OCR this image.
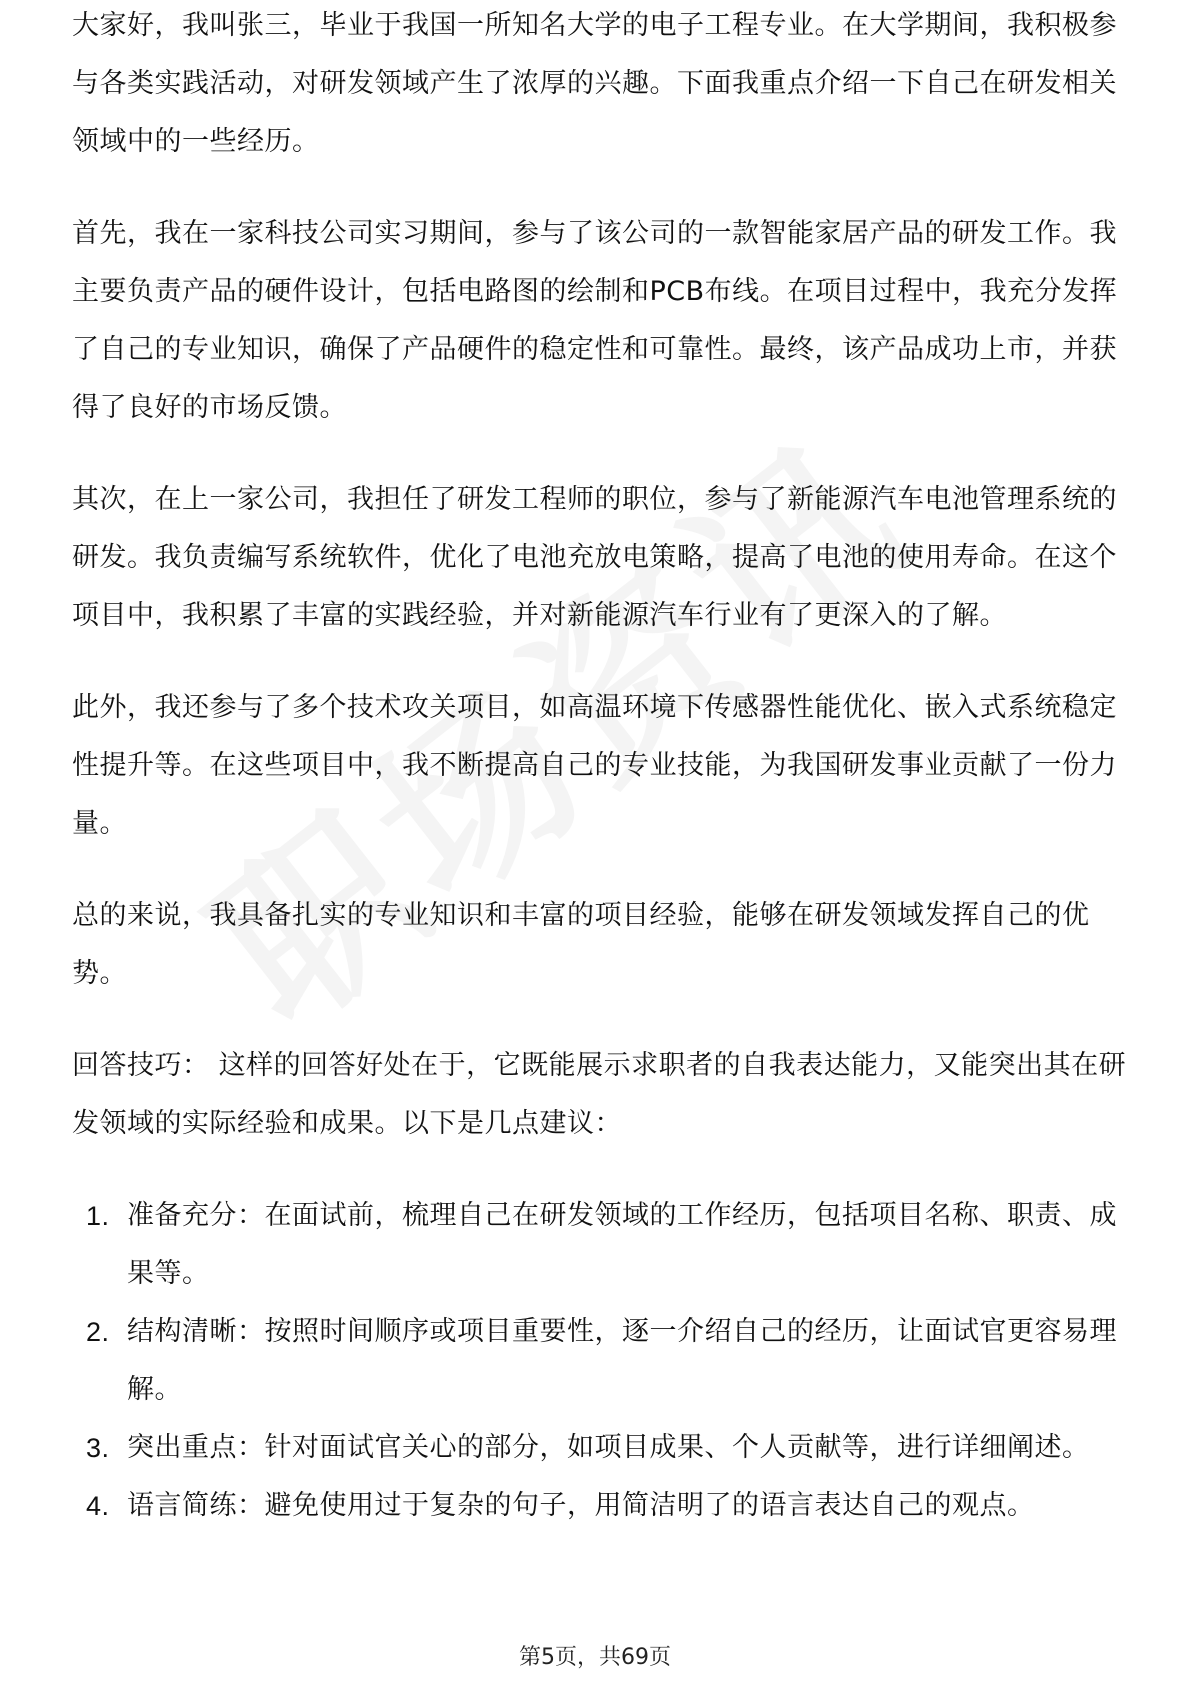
大家好，我叫张三，毕业于我国一所知名大学的电子工程专业。在大学期间，我积极参与各类实践活动，对研发领域产生了浓厚的兴趣。下面我重点介绍一下自己在研发相关领域中的一些经历。

首先，我在一家科技公司实习期间，参与了该公司的一款智能家居产品的研发工作。我主要负责产品的硬件设计，包括电路图的绘制和PCB布线。在项目过程中，我充分发挥了自己的专业知识，确保了产品硬件的稳定性和可靠性。最终，该产品成功上市，并获得了良好的市场反馈。

其次，在上一家公司，我担任了研发工程师的职位，参与了新能源汽车电池管理系统的研发。我负责编写系统软件，优化了电池充放电策略，提高了电池的使用寿命。在这个项目中，我积累了丰富的实践经验，并对新能源汽车行业有了更深入的了解。

此外，我还参与了多个技术攻关项目，如高温环境下传感器性能优化、嵌入式系统稳定性提升等。在这些项目中，我不断提高自己的专业技能，为我国研发事业贡献了一份力量。

总的来说，我具备扎实的专业知识和丰富的项目经验，能够在研发领域发挥自己的优势。

回答技巧： 这样的回答好处在于，它既能展示求职者的自我表达能力，又能突出其在研发领域的实际经验和成果。以下是几点建议：

1. 准备充分：在面试前，梳理自己在研发领域的工作经历，包括项目名称、职责、成果等。
2. 结构清晰：按照时间顺序或项目重要性，逐一介绍自己的经历，让面试官更容易理解。
3. 突出重点：针对面试官关心的部分，如项目成果、个人贡献等，进行详细阐述。
4. 语言简练：避免使用过于复杂的句子，用简洁明了的语言表达自己的观点。
第5页，共69页
